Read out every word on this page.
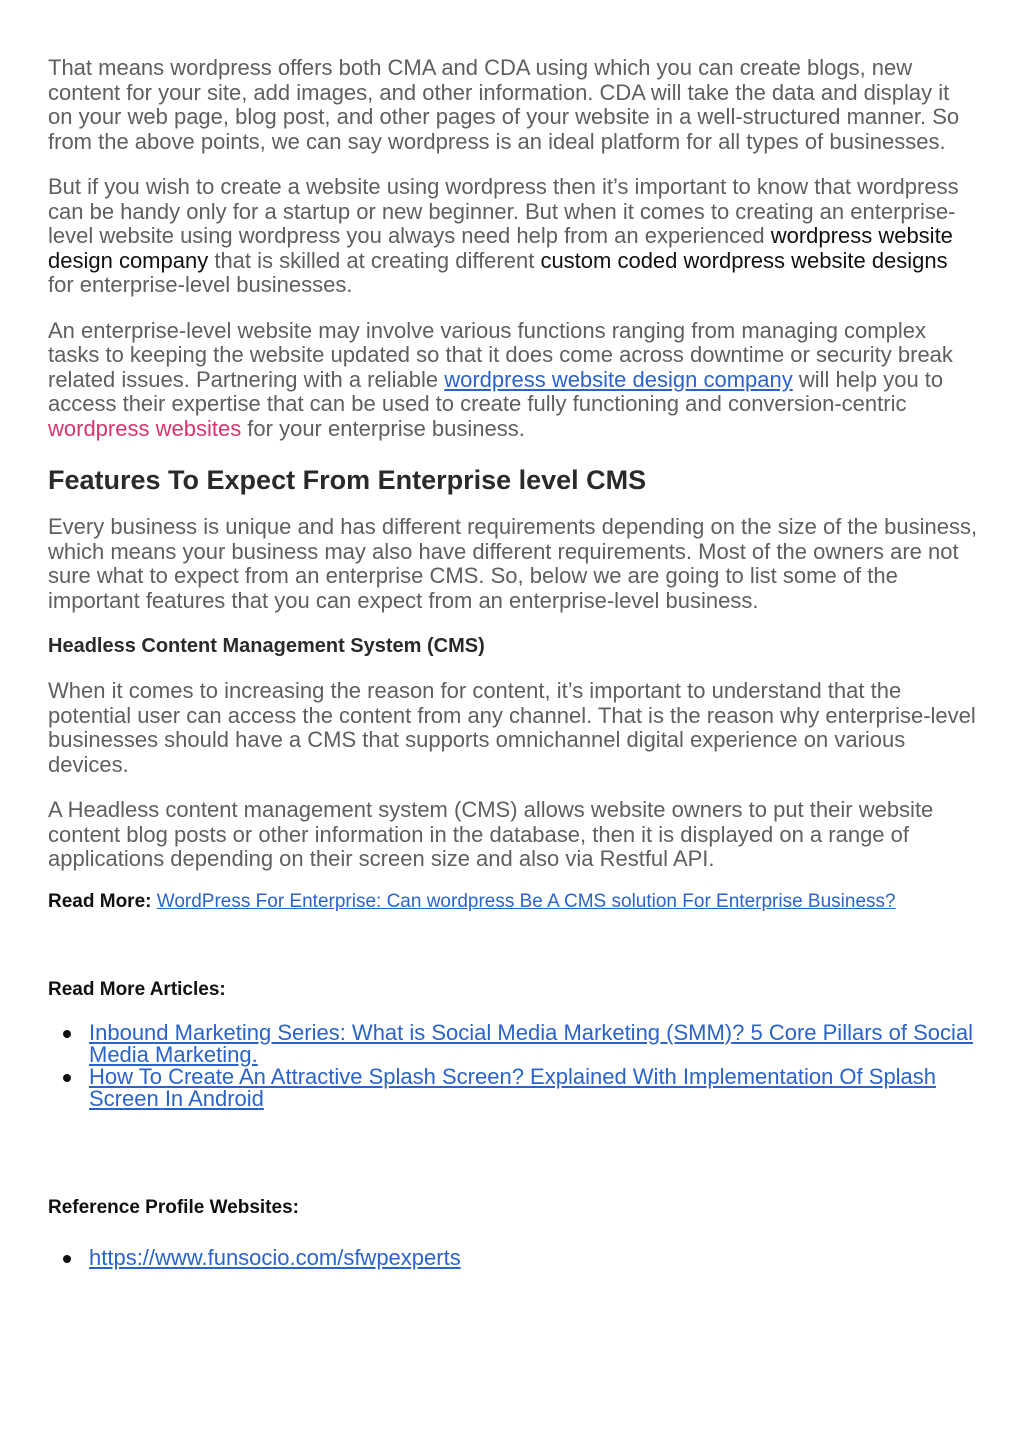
That means wordpress offers both CMA and CDA using which you can create blogs, new content for your site, add images, and other information. CDA will take the data and display it on your web page, blog post, and other pages of your website in a well-structured manner. So from the above points, we can say wordpress is an ideal platform for all types of businesses.

But if you wish to create a website using wordpress then it’s important to know that wordpress can be handy only for a startup or new beginner. But when it comes to creating an enterprise-level website using wordpress you always need help from an experienced wordpress website design company that is skilled at creating different custom coded wordpress website designs for enterprise-level businesses.

An enterprise-level website may involve various functions ranging from managing complex tasks to keeping the website updated so that it does come across downtime or security break related issues. Partnering with a reliable wordpress website design company will help you to access their expertise that can be used to create fully functioning and conversion-centric wordpress websites for your enterprise business.

Features To Expect From Enterprise level CMS

Every business is unique and has different requirements depending on the size of the business, which means your business may also have different requirements. Most of the owners are not sure what to expect from an enterprise CMS. So, below we are going to list some of the important features that you can expect from an enterprise-level business.

Headless Content Management System (CMS)

When it comes to increasing the reason for content, it’s important to understand that the potential user can access the content from any channel. That is the reason why enterprise-level businesses should have a CMS that supports omnichannel digital experience on various devices.

A Headless content management system (CMS) allows website owners to put their website content blog posts or other information in the database, then it is displayed on a range of applications depending on their screen size and also via Restful API.

Read More: WordPress For Enterprise: Can wordpress Be A CMS solution For Enterprise Business?

Read More Articles:

Inbound Marketing Series: What is Social Media Marketing (SMM)? 5 Core Pillars of Social Media Marketing.
How To Create An Attractive Splash Screen? Explained With Implementation Of Splash Screen In Android

Reference Profile Websites:

https://www.funsocio.com/sfwpexperts
